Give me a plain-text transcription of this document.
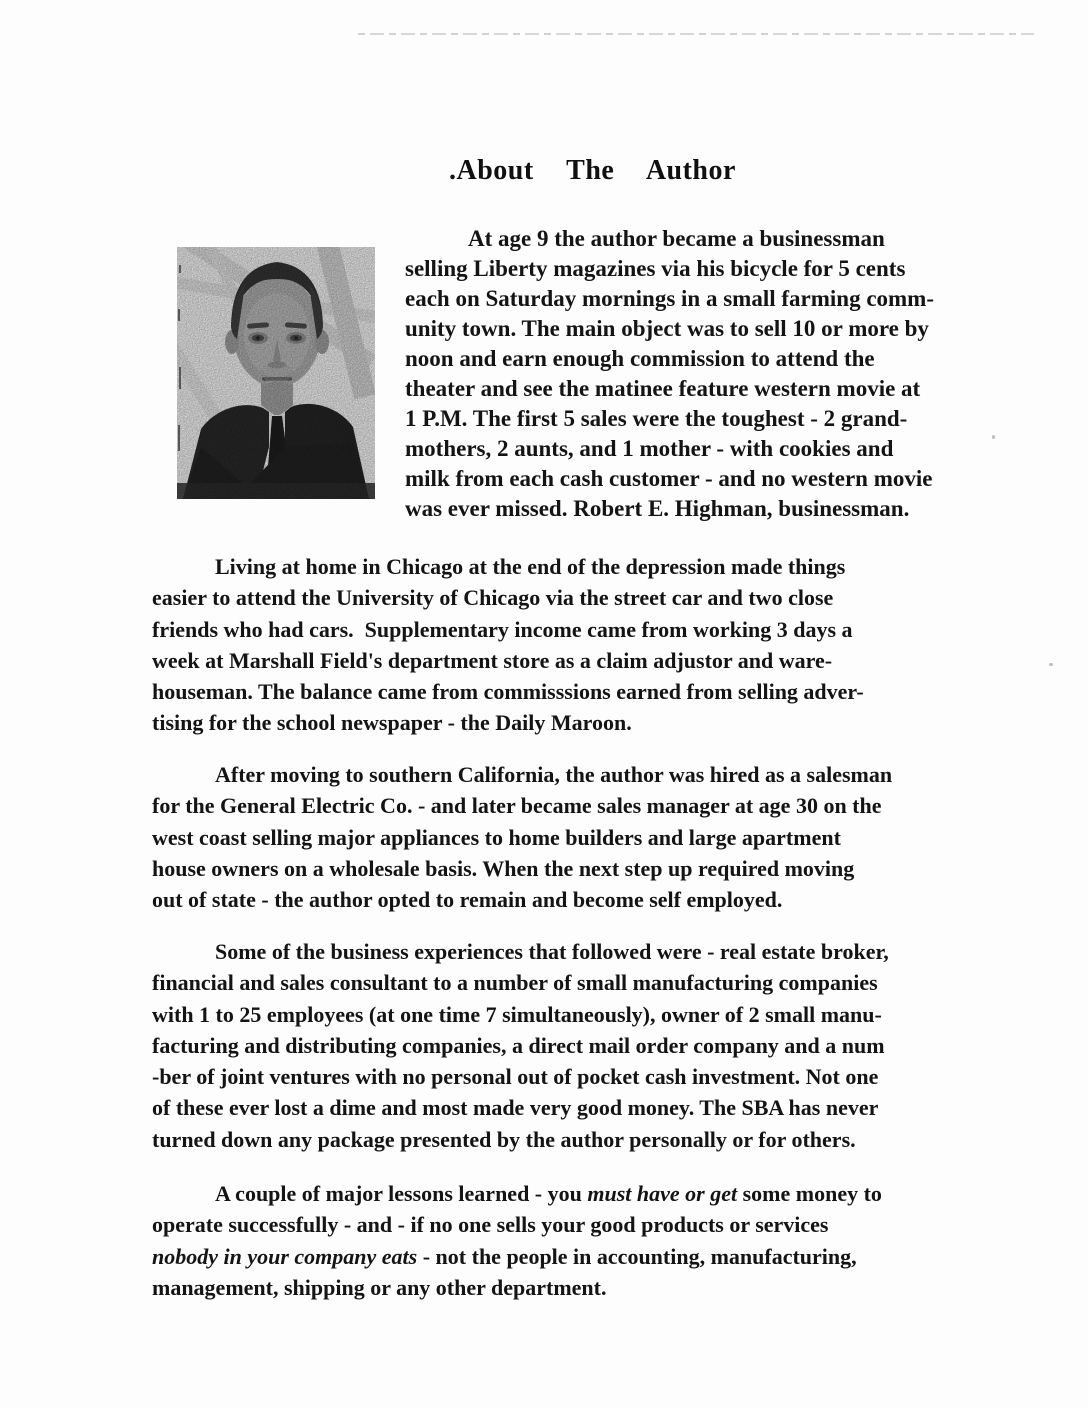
.About  The  Author
At age 9 the author became a businessman
selling Liberty magazines via his bicycle for 5 cents
each on Saturday mornings in a small farming comm-
unity town. The main object was to sell 10 or more by
noon and earn enough commission to attend the
theater and see the matinee feature western movie at
1 P.M. The first 5 sales were the toughest - 2 grand-
mothers, 2 aunts, and 1 mother - with cookies and
milk from each cash customer - and no western movie
was ever missed. Robert E. Highman, businessman.
Living at home in Chicago at the end of the depression made things
easier to attend the University of Chicago via the street car and two close
friends who had cars.  Supplementary income came from working 3 days a
week at Marshall Field's department store as a claim adjustor and ware-
houseman. The balance came from commisssions earned from selling adver-
tising for the school newspaper - the Daily Maroon.
After moving to southern California, the author was hired as a salesman
for the General Electric Co. - and later became sales manager at age 30 on the
west coast selling major appliances to home builders and large apartment
house owners on a wholesale basis. When the next step up required moving
out of state - the author opted to remain and become self employed.
Some of the business experiences that followed were - real estate broker,
financial and sales consultant to a number of small manufacturing companies
with 1 to 25 employees (at one time 7 simultaneously), owner of 2 small manu-
facturing and distributing companies, a direct mail order company and a num
-ber of joint ventures with no personal out of pocket cash investment. Not one
of these ever lost a dime and most made very good money. The SBA has never
turned down any package presented by the author personally or for others.
A couple of major lessons learned - you must have or get some money to
operate successfully - and - if no one sells your good products or services
nobody in your company eats - not the people in accounting, manufacturing,
management, shipping or any other department.
